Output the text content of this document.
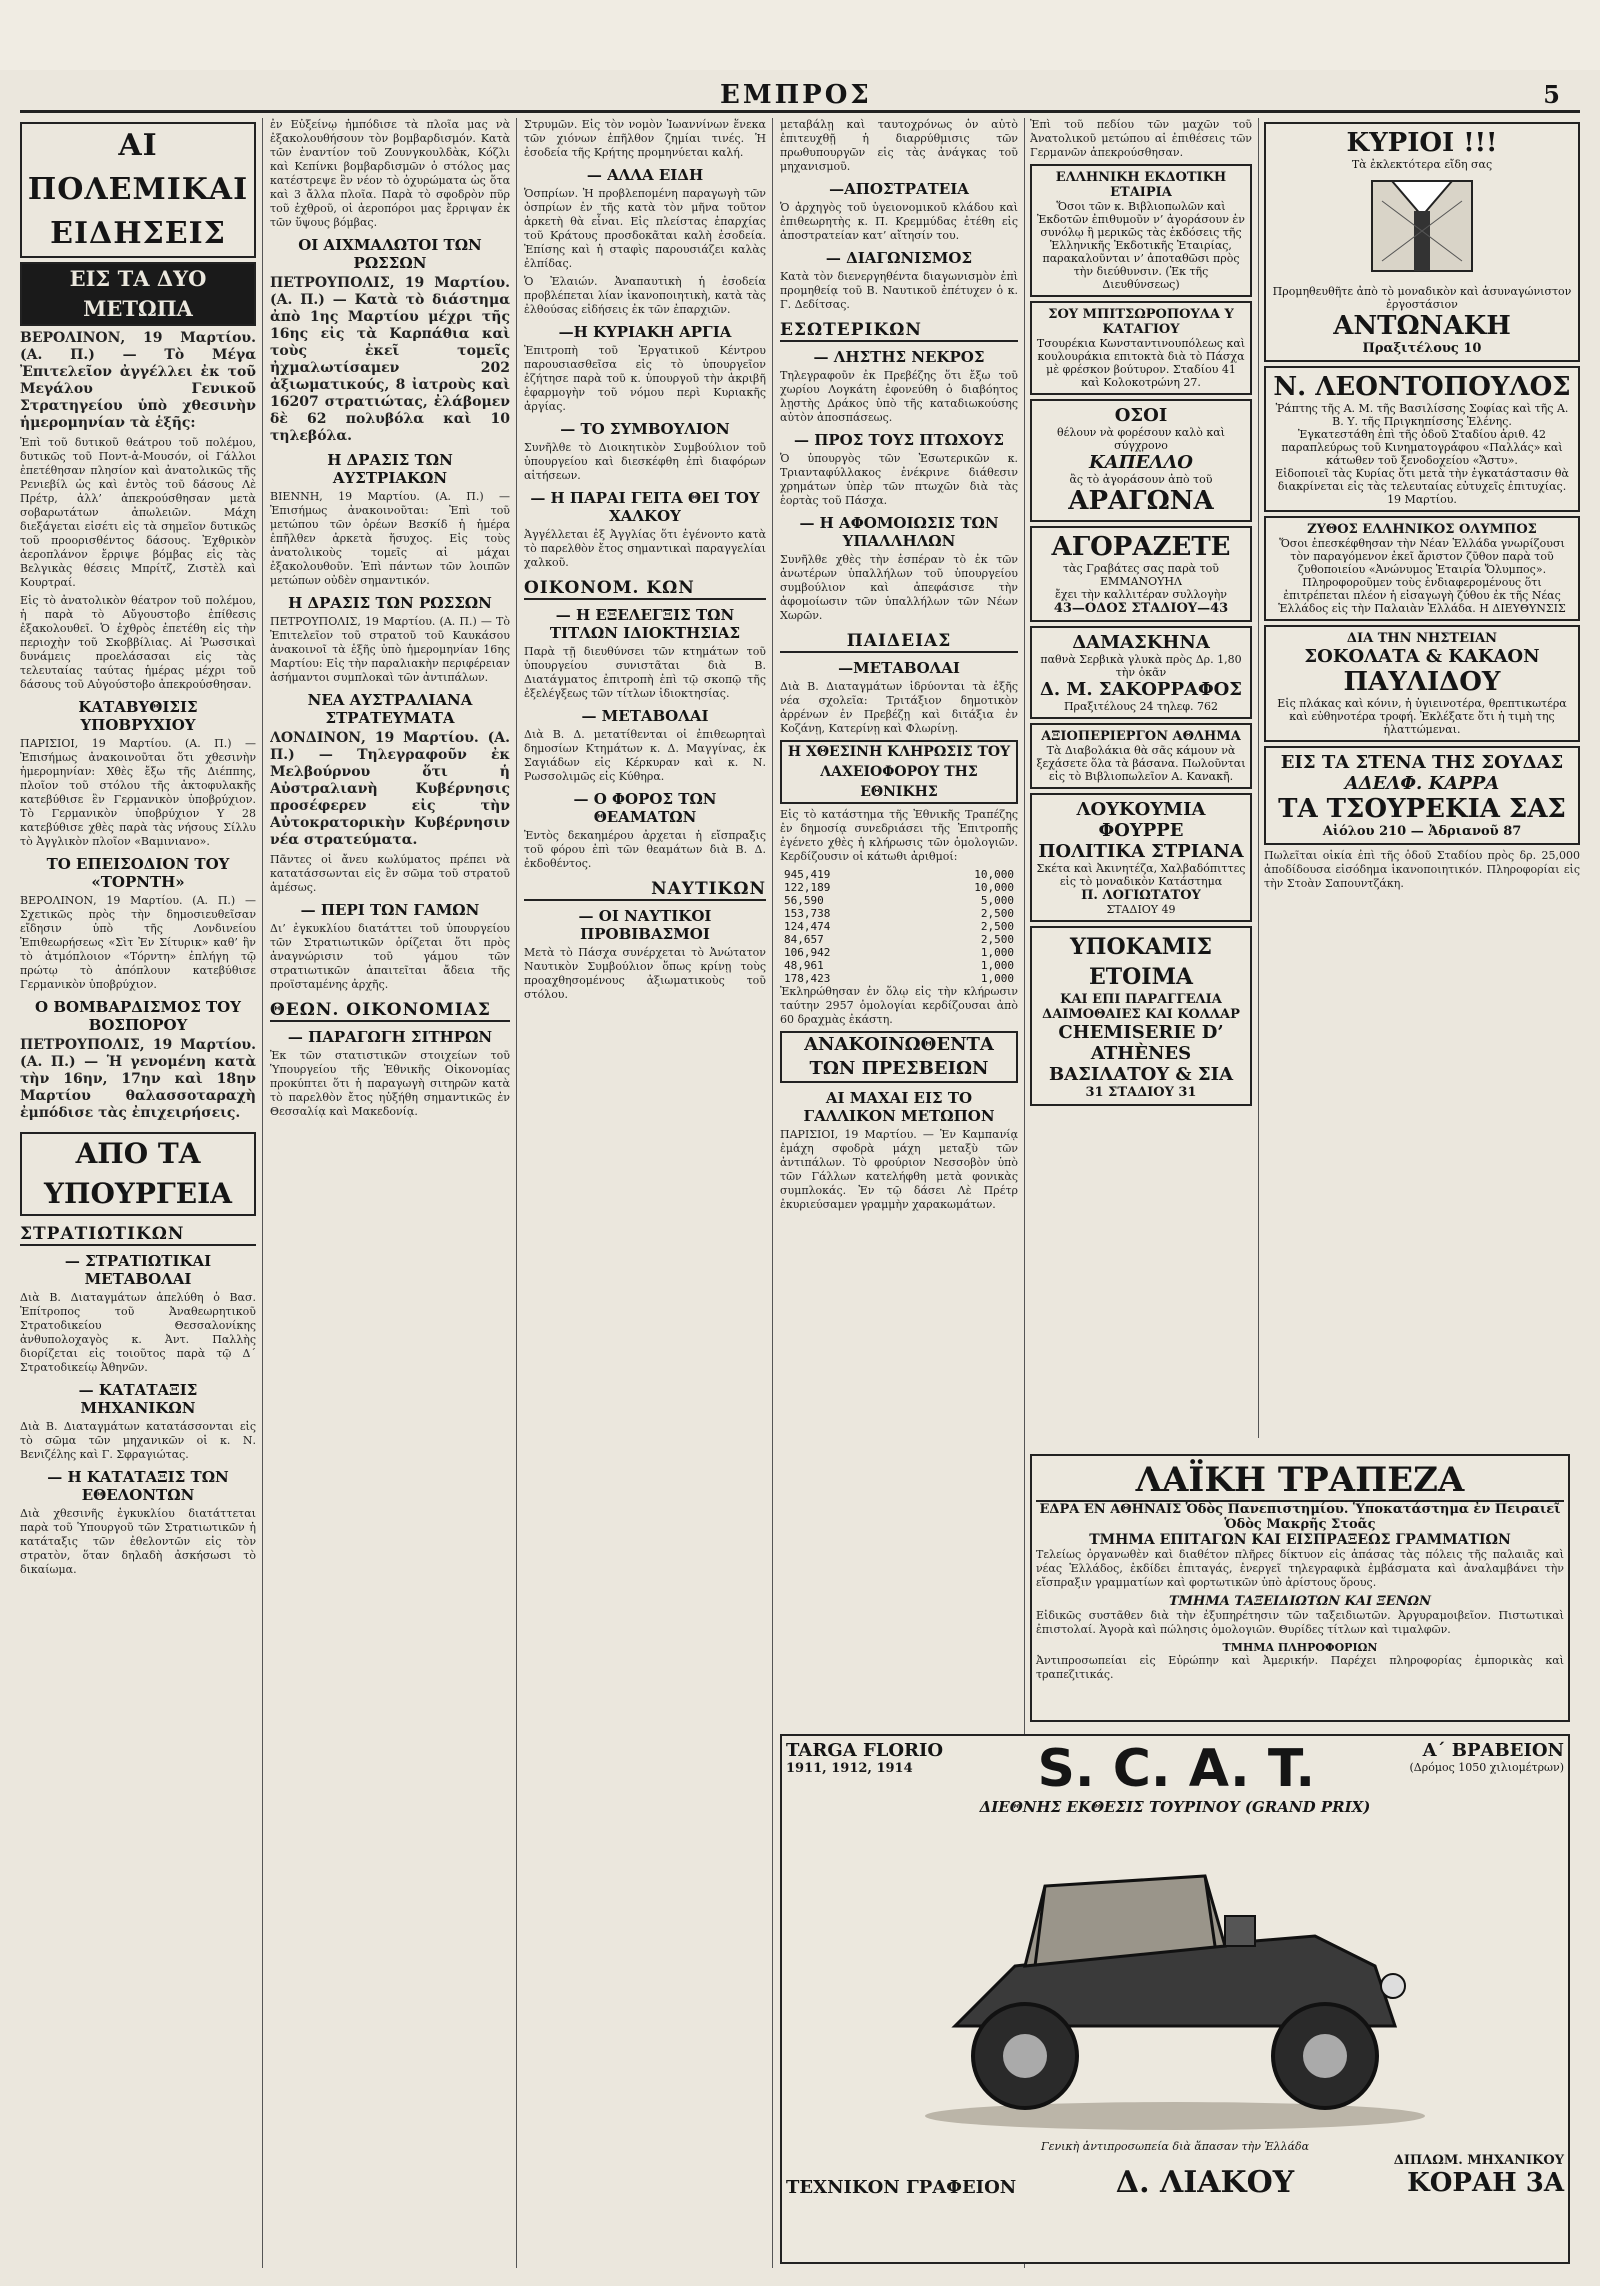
ΕΜΠΡΟΣ	5
ΑΙ ΠΟΛΕΜΙΚΑΙ ΕΙΔΗΣΕΙΣ
ΕΙΣ ΤΑ ΔΥΟ ΜΕΤΩΠΑ

ΒΕΡΟΛΙΝΟΝ, 19 Μαρτίου. (Α. Π.) — Τὸ Μέγα Ἐπιτελεῖον ἀγγέλλει ἐκ τοῦ Μεγάλου Γενικοῦ Στρατηγείου ὑπὸ χθεσινὴν ἡμερομηνίαν τὰ ἑξῆς:

Ἐπὶ τοῦ δυτικοῦ θεάτρου τοῦ πολέμου, δυτικῶς τοῦ Ποντ-ἀ-Μουσόν, οἱ Γάλλοι ἐπετέθησαν πλησίον καὶ ἀνατολικῶς τῆς Ρενιεβίλ ὡς καὶ ἐντὸς τοῦ δάσους Λὲ Πρέτρ, ἀλλ’ ἀπεκρούσθησαν μετὰ σοβαρωτάτων ἀπωλειῶν. Μάχη διεξάγεται εἰσέτι εἰς τὰ σημεῖον δυτικῶς τοῦ προορισθέντος δάσους. Ἐχθρικὸν ἀεροπλάνον ἔρριψε βόμβας εἰς τὰς Βελγικὰς θέσεις Μπρίτζ, Ζιστὲλ καὶ Κουρτραί.

Εἰς τὸ ἀνατολικὸν θέατρον τοῦ πολέμου, ἡ παρὰ τὸ Αὔγουστοβο ἐπίθεσις ἐξακολουθεῖ. Ὁ ἐχθρὸς ἐπετέθη εἰς τὴν περιοχὴν τοῦ Σκοββίλιας. Αἱ Ῥωσσικαὶ δυνάμεις προελάσασαι εἰς τὰς τελευταίας ταύτας ἡμέρας μέχρι τοῦ δάσους τοῦ Αὐγούστοβο ἀπεκρούσθησαν.

ΚΑΤΑΒΥΘΙΣΙΣ ΥΠΟΒΡΥΧΙΟΥ

ΠΑΡΙΣΙΟΙ, 19 Μαρτίου. (Α. Π.) — Ἐπισήμως ἀνακοινοῦται ὅτι χθεσινὴν ἡμερομηνίαν: Χθὲς ἔξω τῆς Διέππης, πλοῖον τοῦ στόλου τῆς ἀκτοφυλακῆς κατεβύθισε ἓν Γερμανικὸν ὑποβρύχιον. Τὸ Γερμανικὸν ὑποβρύχιον Υ 28 κατεβύθισε χθὲς παρὰ τὰς νήσους Σίλλυ τὸ Ἀγγλικὸν πλοῖον «Βαμινιανο».

ΤΟ ΕΠΕΙΣΟΔΙΟΝ ΤΟΥ «ΤΟΡΝΤΗ»

ΒΕΡΟΛΙΝΟΝ, 19 Μαρτίου. (Α. Π.) — Σχετικῶς πρὸς τὴν δημοσιευθεῖσαν εἴδησιν ὑπὸ τῆς Λονδινείου Ἐπιθεωρήσεως «Σὶτ Ἐν Σίτυρικ» καθ’ ἣν τὸ ἀτμόπλοιον «Τόρντη» ἐπλήγη τῷ πρώτῳ τὸ ἀπόπλουν κατεβύθισε Γερμανικὸν ὑποβρύχιον.

Ο ΒΟΜΒΑΡΔΙΣΜΟΣ ΤΟΥ ΒΟΣΠΟΡΟΥ

ΠΕΤΡΟΥΠΟΛΙΣ, 19 Μαρτίου. (Α. Π.) — Ἡ γενομένη κατὰ τὴν 16ην, 17ην καὶ 18ην Μαρτίου θαλασσοταραχὴ ἐμπόδισε τὰς ἐπιχειρήσεις.

ΑΠΟ ΤΑ ΥΠΟΥΡΓΕΙΑ
ΣΤΡΑΤΙΩΤΙΚΩΝ
— ΣΤΡΑΤΙΩΤΙΚΑΙ ΜΕΤΑΒΟΛΑΙ

Διὰ Β. Διαταγμάτων ἀπελύθη ὁ Βασ. Ἐπίτροπος τοῦ Ἀναθεωρητικοῦ Στρατοδικείου Θεσσαλονίκης ἀνθυπολοχαγὸς κ. Ἀντ. Παλλὴς διορίζεται εἰς τοιοῦτος παρὰ τῷ Δ´ Στρατοδικείῳ Ἀθηνῶν.

— ΚΑΤΑΤΑΞΙΣ ΜΗΧΑΝΙΚΩΝ

Διὰ Β. Διαταγμάτων κατατάσσονται εἰς τὸ σῶμα τῶν μηχανικῶν οἱ κ. Ν. Βενιζέλης καὶ Γ. Σφραγιώτας.

— Η ΚΑΤΑΤΑΞΙΣ ΤΩΝ ΕΘΕΛΟΝΤΩΝ

Διὰ χθεσινῆς ἐγκυκλίου διατάττεται παρὰ τοῦ Ὑπουργοῦ τῶν Στρατιωτικῶν ἡ κατάταξις τῶν ἐθελοντῶν εἰς τὸν στρατὸν, ὅταν δηλαδὴ ἀσκήσωσι τὸ δικαίωμα.

ἐν Εὐξείνῳ ἠμπόδισε τὰ πλοῖα μας νὰ ἐξακολουθήσουν τὸν βομβαρδισμόν. Κατὰ τῶν ἐναντίον τοῦ Ζουνγκουλδὰκ, Κόζλι καὶ Κεπίνκι βομβαρδισμῶν ὁ στόλος μας κατέστρεψε ἓν νέον τὸ ὀχυρώματα ὡς ὅτα καὶ 3 ἄλλα πλοῖα. Παρὰ τὸ σφοδρὸν πῦρ τοῦ ἐχθροῦ, οἱ ἀεροπόροι μας ἔρριψαν ἐκ τῶν ὕψους βόμβας.

ΟΙ ΑΙΧΜΑΛΩΤΟΙ ΤΩΝ ΡΩΣΣΩΝ

ΠΕΤΡΟΥΠΟΛΙΣ, 19 Μαρτίου. (Α. Π.) — Κατὰ τὸ διάστημα ἀπὸ 1ης Μαρτίου μέχρι τῆς 16ης εἰς τὰ Καρπάθια καὶ τοὺς ἐκεῖ τομεῖς ἠχμαλωτίσαμεν 202 ἀξιωματικούς, 8 ἰατροὺς καὶ 16207 στρατιώτας, ἐλάβομεν δὲ 62 πολυβόλα καὶ 10 τηλεβόλα.

Η ΔΡΑΣΙΣ ΤΩΝ ΑΥΣΤΡΙΑΚΩΝ

ΒΙΕΝΝΗ, 19 Μαρτίου. (Α. Π.) — Ἐπισήμως ἀνακοινοῦται: Ἐπὶ τοῦ μετώπου τῶν ὀρέων Βεσκίδ ἡ ἡμέρα ἐπῆλθεν ἀρκετὰ ἥσυχος. Εἰς τοὺς ἀνατολικοὺς τομεῖς αἱ μάχαι ἐξακολουθοῦν. Ἐπὶ πάντων τῶν λοιπῶν μετώπων οὐδὲν σημαντικόν.

Η ΔΡΑΣΙΣ ΤΩΝ ΡΩΣΣΩΝ

ΠΕΤΡΟΥΠΟΛΙΣ, 19 Μαρτίου. (Α. Π.) — Τὸ Ἐπιτελεῖον τοῦ στρατοῦ τοῦ Καυκάσου ἀνακοινοῖ τὰ ἑξῆς ὑπὸ ἡμερομηνίαν 16ης Μαρτίου: Εἰς τὴν παραλιακὴν περιφέρειαν ἀσήμαντοι συμπλοκαὶ τῶν ἀντιπάλων.

ΝΕΑ ΑΥΣΤΡΑΛΙΑΝΑ ΣΤΡΑΤΕΥΜΑΤΑ

ΛΟΝΔΙΝΟΝ, 19 Μαρτίου. (Α. Π.) — Τηλεγραφοῦν ἐκ Μελβούρνου ὅτι ἡ Αὐστραλιανὴ Κυβέρνησις προσέφερεν εἰς τὴν Αὐτοκρατορικὴν Κυβέρνησιν νέα στρατεύματα.

Πᾶντες οἱ ἄνευ κωλύματος πρέπει νὰ κατατάσσωνται εἰς ἓν σῶμα τοῦ στρατοῦ ἀμέσως.

— ΠΕΡΙ ΤΩΝ ΓΑΜΩΝ

Δι’ ἐγκυκλίου διατάττει τοῦ ὑπουργείου τῶν Στρατιωτικῶν ὁρίζεται ὅτι πρὸς ἀναγνώρισιν τοῦ γάμου τῶν στρατιωτικῶν ἀπαιτεῖται ἄδεια τῆς προϊσταμένης ἀρχῆς.

ΘΕΩΝ. ΟΙΚΟΝΟΜΙΑΣ
— ΠΑΡΑΓΩΓΗ ΣΙΤΗΡΩΝ

Ἐκ τῶν στατιστικῶν στοιχείων τοῦ Ὑπουργείου τῆς Ἐθνικῆς Οἰκονομίας προκύπτει ὅτι ἡ παραγωγὴ σιτηρῶν κατὰ τὸ παρελθὸν ἔτος ηὐξήθη σημαντικῶς ἐν Θεσσαλίᾳ καὶ Μακεδονίᾳ.

Στρυμῶν. Εἰς τὸν νομὸν Ἰωαννίνων ἕνεκα τῶν χιόνων ἐπῆλθον ζημίαι τινές. Ἡ ἐσοδεία τῆς Κρήτης προμηνύεται καλή.

— ΑΛΛΑ ΕΙΔΗ

Ὁσπρίων. Ἡ προβλεπομένη παραγωγὴ τῶν ὀσπρίων ἐν τῆς κατὰ τὸν μῆνα τοῦτον ἀρκετὴ θὰ εἶναι. Εἰς πλείστας ἐπαρχίας τοῦ Κράτους προσδοκᾶται καλὴ ἐσοδεία. Ἐπίσης καὶ ἡ σταφὶς παρουσιάζει καλὰς ἐλπίδας.

Ὁ Ἐλαιών. Ἀναπαυτικὴ ἡ ἐσοδεία προβλέπεται λίαν ἱκανοποιητικὴ, κατὰ τὰς ἐλθούσας εἰδήσεις ἐκ τῶν ἐπαρχιῶν.

—Η ΚΥΡΙΑΚΗ ΑΡΓΙΑ

Ἐπιτροπὴ τοῦ Ἐργατικοῦ Κέντρου παρουσιασθεῖσα εἰς τὸ ὑπουργεῖον ἐζήτησε παρὰ τοῦ κ. ὑπουργοῦ τὴν ἀκριβῆ ἐφαρμογὴν τοῦ νόμου περὶ Κυριακῆς ἀργίας.

— ΤΟ ΣΥΜΒΟΥΛΙΟΝ

Συνῆλθε τὸ Διοικητικὸν Συμβούλιον τοῦ ὑπουργείου καὶ διεσκέφθη ἐπὶ διαφόρων αἰτήσεων.

— Η ΠΑΡΑΙ ΓΕΙΤΑ ΘΕΙ ΤΟΥ ΧΑΛΚΟΥ

Ἀγγέλλεται ἐξ Ἀγγλίας ὅτι ἐγένοντο κατὰ τὸ παρελθὸν ἔτος σημαντικαὶ παραγγελίαι χαλκοῦ.

ΟΙΚΟΝΟΜ. ΚΩΝ
— Η ΕΞΕΛΕΓΞΙΣ ΤΩΝ ΤΙΤΛΩΝ ΙΔΙΟΚΤΗΣΙΑΣ

Παρὰ τῇ διευθύνσει τῶν κτημάτων τοῦ ὑπουργείου συνιστᾶται διὰ Β. Διατάγματος ἐπιτροπὴ ἐπὶ τῷ σκοπῷ τῆς ἐξελέγξεως τῶν τίτλων ἰδιοκτησίας.

— ΜΕΤΑΒΟΛΑΙ

Διὰ Β. Δ. μετατίθενται οἱ ἐπιθεωρηταὶ δημοσίων Κτημάτων κ. Δ. Μαγγίνας, ἐκ Σαγιάδων εἰς Κέρκυραν καὶ κ. Ν. Ρωσσολιμῶς εἰς Κύθηρα.

— Ο ΦΟΡΟΣ ΤΩΝ ΘΕΑΜΑΤΩΝ

Ἐντὸς δεκαημέρου ἀρχεται ἡ εἴσπραξις τοῦ φόρου ἐπὶ τῶν θεαμάτων διὰ Β. Δ. ἐκδοθέντος.

ΝΑΥΤΙΚΩΝ
— ΟΙ ΝΑΥΤΙΚΟΙ ΠΡΟΒΙΒΑΣΜΟΙ

Μετὰ τὸ Πάσχα συνέρχεται τὸ Ἀνώτατον Ναυτικὸν Συμβούλιον ὅπως κρίνῃ τοὺς προαχθησομένους ἀξιωματικοὺς τοῦ στόλου.

μεταβάλῃ καὶ ταυτοχρόνως ὁν αὐτὸ ἐπιτευχθῇ ἡ διαρρύθμισις τῶν πρωθυπουργῶν εἰς τὰς ἀνάγκας τοῦ μηχανισμοῦ.

—ΑΠΟΣΤΡΑΤΕΙΑ

Ὁ ἀρχηγὸς τοῦ ὑγειονομικοῦ κλάδου καὶ ἐπιθεωρητὴς κ. Π. Κρεμμύδας ἐτέθη εἰς ἀποστρατείαν κατ’ αἴτησίν του.

— ΔΙΑΓΩΝΙΣΜΟΣ

Κατὰ τὸν διενεργηθέντα διαγωνισμὸν ἐπὶ προμηθείᾳ τοῦ Β. Ναυτικοῦ ἐπέτυχεν ὁ κ. Γ. Δεδίτσας.

ΕΣΩΤΕΡΙΚΩΝ
— ΛΗΣΤΗΣ ΝΕΚΡΟΣ

Τηλεγραφοῦν ἐκ Πρεβέζης ὅτι ἔξω τοῦ χωρίου Λογκάτη ἐφονεύθη ὁ διαβόητος λῃστὴς Δράκος ὑπὸ τῆς καταδιωκούσης αὐτὸν ἀποσπάσεως.

— ΠΡΟΣ ΤΟΥΣ ΠΤΩΧΟΥΣ

Ὁ ὑπουργὸς τῶν Ἐσωτερικῶν κ. Τριανταφύλλακος ἐνέκρινε διάθεσιν χρημάτων ὑπὲρ τῶν πτωχῶν διὰ τὰς ἑορτὰς τοῦ Πάσχα.

— Η ΑΦΟΜΟΙΩΣΙΣ ΤΩΝ ΥΠΑΛΛΗΛΩΝ

Συνῆλθε χθὲς τὴν ἑσπέραν τὸ ἐκ τῶν ἀνωτέρων ὑπαλλήλων τοῦ ὑπουργείου συμβούλιον καὶ ἀπεφάσισε τὴν ἀφομοίωσιν τῶν ὑπαλλήλων τῶν Νέων Χωρῶν.

ΠΑΙΔΕΙΑΣ
—ΜΕΤΑΒΟΛΑΙ

Διὰ Β. Διαταγμάτων ἱδρύονται τὰ ἑξῆς νέα σχολεῖα: Τριτάξιον δημοτικὸν ἀρρένων ἐν Πρεβέζῃ καὶ διτάξια ἐν Κοζάνῃ, Κατερίνῃ καὶ Φλωρίνῃ.

Η ΧΘΕΣΙΝΗ ΚΛΗΡΩΣΙΣ ΤΟΥ ΛΑΧΕΙΟΦΟΡΟΥ ΤΗΣ ΕΘΝΙΚΗΣ

Εἰς τὸ κατάστημα τῆς Ἐθνικῆς Τραπέζης ἐν δημοσίᾳ συνεδριάσει τῆς Ἐπιτροπῆς ἐγένετο χθὲς ἡ κλήρωσις τῶν ὁμολογιῶν. Κερδίζουσιν οἱ κάτωθι ἀριθμοί:

945,419	10,000
122,189	10,000
56,590	5,000
153,738	2,500
124,474	2,500
84,657	2,500
106,942	1,000
48,961	1,000
178,423	1,000

Ἐκληρώθησαν ἐν ὅλῳ εἰς τὴν κλήρωσιν ταύτην 2957 ὁμολογίαι κερδίζουσαι ἀπὸ 60 δραχμὰς ἐκάστη.

ΑΝΑΚΟΙΝΩΘΕΝΤΑ ΤΩΝ ΠΡΕΣΒΕΙΩΝ
ΑΙ ΜΑΧΑΙ ΕΙΣ ΤΟ ΓΑΛΛΙΚΟΝ ΜΕΤΩΠΟΝ

ΠΑΡΙΣΙΟΙ, 19 Μαρτίου. — Ἐν Καμπανίᾳ ἐμάχη σφοδρὰ μάχη μεταξὺ τῶν ἀντιπάλων. Τὸ φρούριον Νεσσοβὸν ὑπὸ τῶν Γάλλων κατελήφθη μετὰ φονικὰς συμπλοκάς. Ἐν τῷ δάσει Λὲ Πρέτρ ἐκυριεύσαμεν γραμμὴν χαρακωμάτων.

Ἐπὶ τοῦ πεδίου τῶν μαχῶν τοῦ Ἀνατολικοῦ μετώπου αἱ ἐπιθέσεις τῶν Γερμανῶν ἀπεκρούσθησαν.

ΕΛΛΗΝΙΚΗ ΕΚΔΟΤΙΚΗ ΕΤΑΙΡΙΑ
Ὅσοι τῶν κ. Βιβλιοπωλῶν καὶ Ἐκδοτῶν ἐπιθυμοῦν ν’ ἀγοράσουν ἐν συνόλῳ ἢ μερικῶς τὰς ἐκδόσεις τῆς Ἑλληνικῆς Ἐκδοτικῆς Ἑταιρίας, παρακαλοῦνται ν’ ἀποταθῶσι πρὸς τὴν διεύθυνσιν. (Ἐκ τῆς Διευθύνσεως)
ΣΟΥ ΜΠΙΤΣΩΡΟΠΟΥΛΑ Υ ΚΑΤΑΓΙΟΥ
Τσουρέκια Κωνσταντινουπόλεως καὶ κουλουράκια επιτοκτὰ διὰ τὸ Πάσχα μὲ φρέσκον βούτυρον. Σταδίου 41 καὶ Κολοκοτρώνη 27.
ΟΣΟΙ
θέλουν νὰ φορέσουν καλὸ καὶ σύγχρονο
ΚΑΠΕΛΛΟ
ἂς τὸ ἀγοράσουν ἀπὸ τοῦ
ΑΡΑΓΩΝΑ
ΑΓΟΡΑΖΕΤΕ
τὰς Γραβάτες σας παρὰ τοῦ ΕΜΜΑΝΟΥΗΛ
ἔχει τὴν καλλιτέραν συλλογὴν
43—ΟΔΟΣ ΣΤΑΔΙΟΥ—43
ΔΑΜΑΣΚΗΝΑ
παθνὰ Σερβικὰ γλυκὰ πρὸς Δρ. 1,80 τὴν ὀκᾶν
Δ. Μ. ΣΑΚΟΡΡΑΦΟΣ
Πραξιτέλους 24 τηλεφ. 762
ΑΞΙΟΠΕΡΙΕΡΓΟΝ ΑΘΛΗΜΑ
Τὰ Διαβολάκια θὰ σᾶς κάμουν νὰ ξεχάσετε ὅλα τὰ βάσανα. Πωλοῦνται εἰς τὸ Βιβλιοπωλεῖον Α. Κανακῆ.
ΛΟΥΚΟΥΜΙΑ ΦΟΥΡΡΕ
ΠΟΛΙΤΙΚΑ ΣΤΡΙΑΝΑ
Σκέτα καὶ Ἀκινητέζα, Χαλβαδόπιττες εἰς τὸ μοναδικὸν Κατάστημα
Π. ΛΟΓΙΩΤΑΤΟΥ
ΣΤΑΔΙΟΥ 49
ΥΠΟΚΑΜΙΣ ΕΤΟΙΜΑ
ΚΑΙ ΕΠΙ ΠΑΡΑΓΓΕΛΙΑ
ΔΑΙΜΟΘΑΙΕΣ ΚΑΙ ΚΟΛΛΑΡ
CHEMISERIE D’ ATHÈNES
ΒΑΣΙΛΑΤΟΥ & ΣΙΑ
31 ΣΤΑΔΙΟΥ 31
ΚΥΡΙΟΙ !!!
Τὰ ἐκλεκτότερα εἴδη σας
Προμηθευθῆτε ἀπὸ τὸ μοναδικὸν καὶ ἀσυναγώνιστον ἐργοστάσιον
ΑΝΤΩΝΑΚΗ
Πραξιτέλους 10
Ν. ΛΕΟΝΤΟΠΟΥΛΟΣ
Ῥάπτης τῆς Α. Μ. τῆς Βασιλίσσης Σοφίας καὶ τῆς Α. Β. Υ. τῆς Πριγκηπίσσης Ἑλένης.
Ἐγκατεστάθη ἐπὶ τῆς ὁδοῦ Σταδίου ἀριθ. 42 παραπλεύρως τοῦ Κινηματογράφου «Παλλάς» καὶ κάτωθεν τοῦ ξενοδοχείου «Ἄστυ».
Εἰδοποιεῖ τὰς Κυρίας ὅτι μετὰ τὴν ἐγκατάστασιν θὰ διακρίνεται εἰς τὰς τελευταίας εὐτυχεῖς ἐπιτυχίας. 19 Μαρτίου.
ΖΥΘΟΣ ΕΛΛΗΝΙΚΟΣ ΟΛΥΜΠΟΣ
Ὅσοι ἐπεσκέφθησαν τὴν Νέαν Ἑλλάδα γνωρίζουσι τὸν παραγόμενον ἐκεῖ ἄριστον ζῦθον παρὰ τοῦ ζυθοποιείου «Ἀνώνυμος Ἑταιρία Ὄλυμπος». Πληροφοροῦμεν τοὺς ἐνδιαφερομένους ὅτι ἐπιτρέπεται πλέον ἡ εἰσαγωγὴ ζύθου ἐκ τῆς Νέας Ἑλλάδος εἰς τὴν Παλαιὰν Ἑλλάδα. Η ΔΙΕΥΘΥΝΣΙΣ
ΔΙΑ ΤΗΝ ΝΗΣΤΕΙΑΝ
ΣΟΚΟΛΑΤΑ & ΚΑΚΑΟΝ
ΠΑΥΛΙΔΟΥ
Εἰς πλάκας καὶ κόνιν, ἡ ὑγιεινοτέρα, θρεπτικωτέρα καὶ εὐθηνοτέρα τροφή. Ἐκλέξατε ὅτι ἡ τιμὴ της ἠλαττώμεναι.
ΕΙΣ ΤΑ ΣΤΕΝΑ ΤΗΣ ΣΟΥΔΑΣ
ΑΔΕΛΦ. ΚΑΡΡΑ
ΤΑ ΤΣΟΥΡΕΚΙΑ ΣΑΣ
Αἰόλου 210 — Ἀδριανοῦ 87

Πωλεῖται οἰκία ἐπὶ τῆς ὁδοῦ Σταδίου πρὸς δρ. 25,000 ἀποδίδουσα εἰσόδημα ἱκανοποιητικόν. Πληροφορίαι εἰς τὴν Στοὰν Σαπουντζάκη.

ΛΑΪΚΗ ΤΡΑΠΕΖΑ
ΕΔΡΑ ΕΝ ΑΘΗΝΑΙΣ Ὁδὸς Πανεπιστημίου. Ὑποκατάστημα ἐν Πειραιεῖ Ὁδὸς Μακρῆς Στοᾶς
ΤΜΗΜΑ ΕΠΙΤΑΓΩΝ ΚΑΙ ΕΙΣΠΡΑΞΕΩΣ ΓΡΑΜΜΑΤΙΩΝ

Τελείως ὀργανωθὲν καὶ διαθέτον πλῆρες δίκτυον εἰς ἁπάσας τὰς πόλεις τῆς παλαιᾶς καὶ νέας Ἑλλάδος, ἐκδίδει ἐπιταγάς, ἐνεργεῖ τηλεγραφικὰ ἐμβάσματα καὶ ἀναλαμβάνει τὴν εἴσπραξιν γραμματίων καὶ φορτωτικῶν ὑπὸ ἀρίστους ὅρους.

ΤΜΗΜΑ ΤΑΞΕΙΔΙΩΤΩΝ ΚΑΙ ΞΕΝΩΝ

Εἰδικῶς συστᾶθεν διὰ τὴν ἐξυπηρέτησιν τῶν ταξειδιωτῶν. Ἀργυραμοιβεῖον. Πιστωτικαὶ ἐπιστολαί. Ἀγορὰ καὶ πώλησις ὁμολογιῶν. Θυρίδες τίτλων καὶ τιμαλφῶν.

ΤΜΗΜΑ ΠΛΗΡΟΦΟΡΙΩΝ

Ἀντιπροσωπείαι εἰς Εὐρώπην καὶ Ἀμερικήν. Παρέχει πληροφορίας ἐμπορικὰς καὶ τραπεζιτικάς.

TARGA FLORIO
1911, 1912, 1914	S. C. A. T.	Α΄ ΒΡΑΒΕΙΟΝ
(Δρόμος 1050 χιλιομέτρων)
ΔΙΕΘΝΗΣ ΕΚΘΕΣΙΣ ΤΟΥΡΙΝΟΥ (GRAND PRIX)
Γενικὴ ἀντιπροσωπεία διὰ ἅπασαν τὴν Ἑλλάδα
ΤΕΧΝΙΚΟΝ ΓΡΑΦΕΙΟΝ	Δ. ΛΙΑΚΟΥ
ΔΙΠΛΩΜ. ΜΗΧΑΝΙΚΟΥ
ΚΟΡΑΗ 3Α
